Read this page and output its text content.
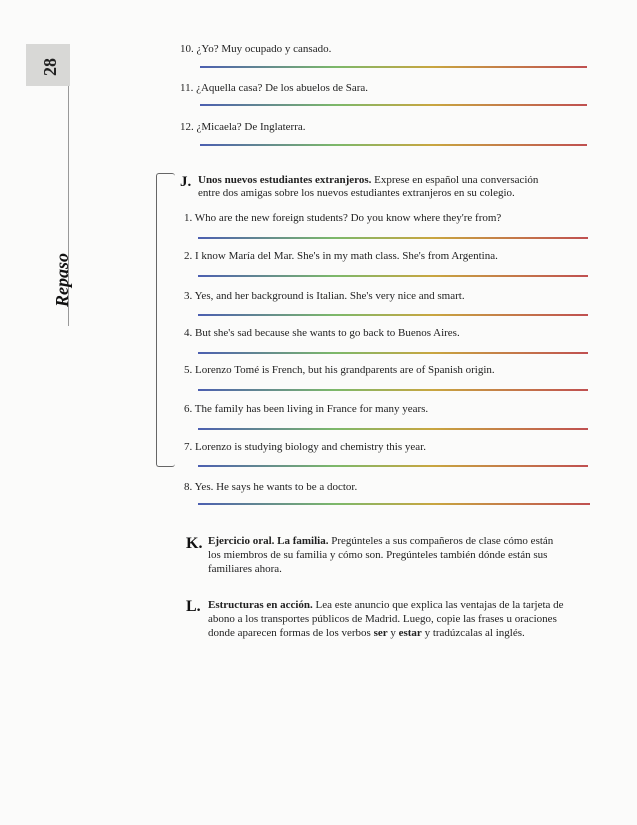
28
Repaso
10. ¿Yo? Muy ocupado y cansado.
11. ¿Aquella casa? De los abuelos de Sara.
12. ¿Micaela? De Inglaterra.
J. Unos nuevos estudiantes extranjeros. Exprese en español una conversación
entre dos amigas sobre los nuevos estudiantes extranjeros en su colegio.
1. Who are the new foreign students? Do you know where they're from?
2. I know María del Mar. She's in my math class. She's from Argentina.
3. Yes, and her background is Italian. She's very nice and smart.
4. But she's sad because she wants to go back to Buenos Aires.
5. Lorenzo Tomé is French, but his grandparents are of Spanish origin.
6. The family has been living in France for many years.
7. Lorenzo is studying biology and chemistry this year.
8. Yes. He says he wants to be a doctor.
K. Ejercicio oral. La familia. Pregúnteles a sus compañeros de clase cómo están
los miembros de su familia y cómo son. Pregúnteles también dónde están sus
familiares ahora.
L. Estructuras en acción. Lea este anuncio que explica las ventajas de la tarjeta de
abono a los transportes públicos de Madrid. Luego, copie las frases u oraciones
donde aparecen formas de los verbos ser y estar y tradúzcalas al inglés.
